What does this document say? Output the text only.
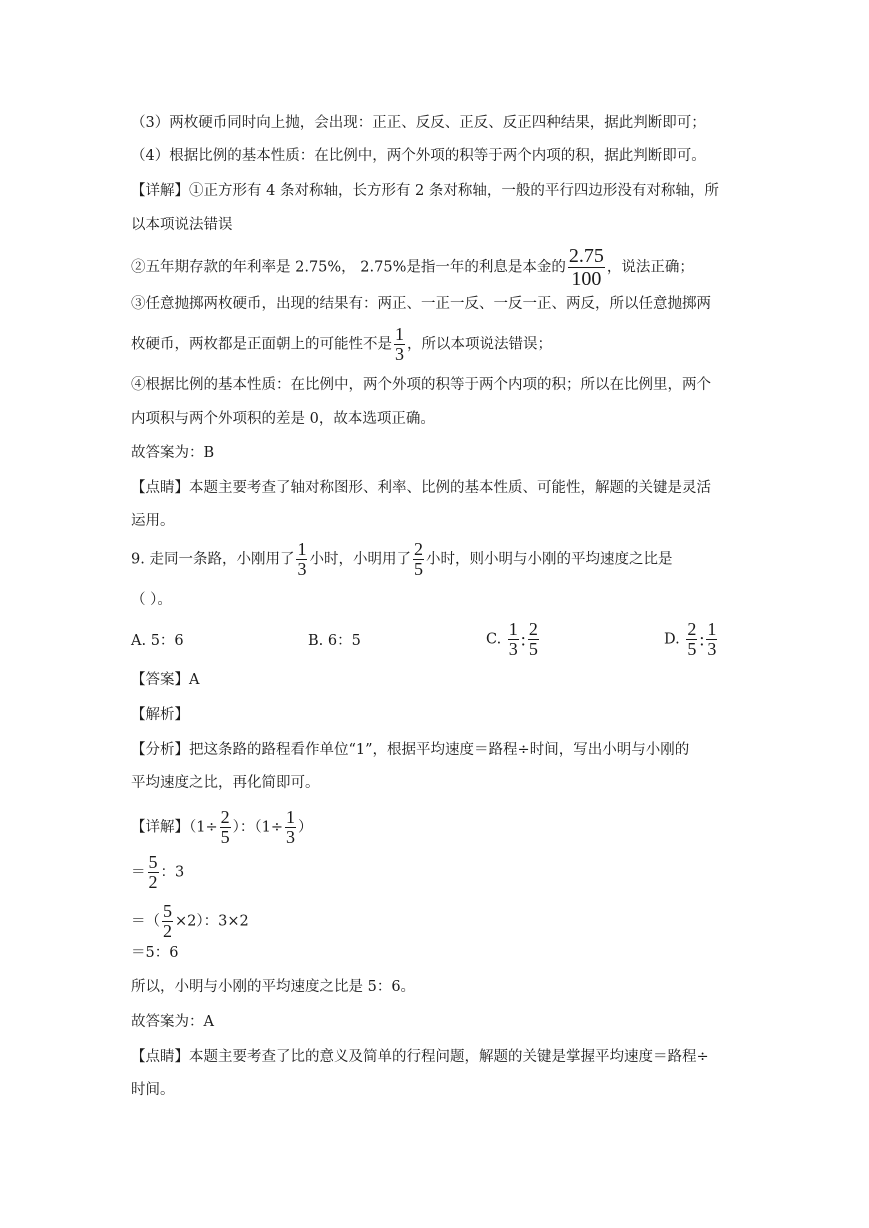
（3）两枚硬币同时向上抛，会出现：正正、反反、正反、反正四种结果，据此判断即可；
（4）根据比例的基本性质：在比例中，两个外项的积等于两个内项的积，据此判断即可。
【详解】①正方形有 4 条对称轴，长方形有 2 条对称轴，一般的平行四边形没有对称轴，所
以本项说法错误
②五年期存款的年利率是 2.75%， 2.75%是指一年的利息是本金的 $\frac{2.75}{100}$ ，说法正确；
③任意抛掷两枚硬币，出现的结果有：两正、一正一反、一反一正、两反，所以任意抛掷两
枚硬币，两枚都是正面朝上的可能性不是 $\frac{1}{3}$ ，所以本项说法错误；
④根据比例的基本性质：在比例中，两个外项的积等于两个内项的积；所以在比例里，两个
内项积与两个外项积的差是 0，故本选项正确。
故答案为：B
【点睛】本题主要考查了轴对称图形、利率、比例的基本性质、可能性，解题的关键是灵活
运用。
9. 走同一条路，小刚用了 $\frac{1}{3}$ 小时，小明用了 $\frac{2}{5}$ 小时，则小明与小刚的平均速度之比是
（ ）。
A. 5：6	B. 6：5	C. $\frac{1}{3}$ : $\frac{2}{5}$	D. $\frac{2}{5}$ : $\frac{1}{3}$
【答案】A
【解析】
【分析】把这条路的路程看作单位“1”，根据平均速度＝路程÷时间，写出小明与小刚的
平均速度之比，再化简即可。
【详解】（$1\div \frac{2}{5}$ ）：（$1\div \frac{1}{3}$ ）
＝ $\frac{5}{2}$ ：3
＝（ $\frac{5}{2} \times 2$）：3×2
＝5：6
所以，小明与小刚的平均速度之比是 5：6。
故答案为：A
【点睛】本题主要考查了比的意义及简单的行程问题，解题的关键是掌握平均速度＝路程÷
时间。
